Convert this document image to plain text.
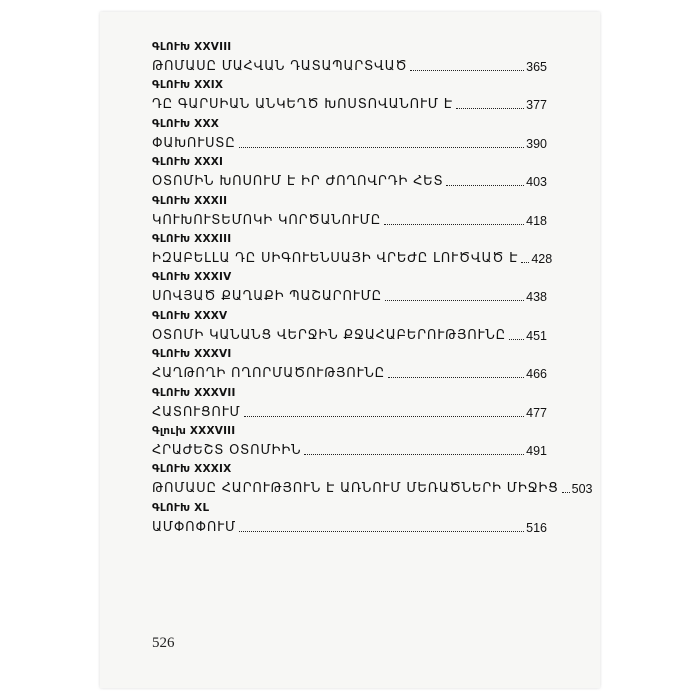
ԳԼՈՒԽ XXVIII
ԹՈՄԱՍԸ ՄԱՀՎԱՆ ԴԱՏԱՊԱՐՏՎԱԾ	365
ԳԼՈՒԽ XXIX
ԴԸ ԳԱՐՍԻԱՆ ԱՆԿԵՂԾ ԽՈՍՏՈՎԱՆՈՒՄ Է	377
ԳԼՈՒԽ XXX
ՓԱԽՈՒՍՏԸ	390
ԳԼՈՒԽ XXXI
ՕՏՈՄԻՆ ԽՈՍՈՒՄ Է ԻՐ ԺՈՂՈՎՐԴԻ ՀԵՏ	403
ԳԼՈՒԽ XXXII
ԿՈՒԽՈՒՏԵՄՈԿԻ ԿՈՐԾԱՆՈՒՄԸ	418
ԳԼՈՒԽ XXXIII
ԻԶԱԲԵԼԼԱ ԴԸ ՍԻԳՈՒԵՆՍԱՅԻ ՎՐԵԺԸ ԼՈՒԾՎԱԾ Է 428
ԳԼՈՒԽ XXXIV
ՍՈՎՅԱԾ ՔԱՂԱՔԻ ՊԱՇԱՐՈՒՄԸ	438
ԳԼՈՒԽ XXXV
ՕՏՈՄԻ ԿԱՆԱՆՑ ՎԵՐՋԻՆ ՔՋԱՀԱԲԵՐՈՒԹՅՈՒՆԸ 451
ԳԼՈՒԽ XXXVI
ՀԱՂԹՈՂԻ ՈՂՈՐՄԱԾՈՒԹՅՈՒՆԸ	466
ԳԼՈՒԽ XXXVII
ՀԱՏՈՒՑՈՒՄ	477
Գլուխ XXXVIII
ՀՐԱԺԵՇՏ ՕՏՈՄԻԻՆ	491
ԳԼՈՒԽ XXXIX
ԹՈՄԱՍԸ ՀԱՐՈՒԹՅՈՒՆ Է ԱՌՆՈՒՄ ՄԵՌԱԾՆԵՐԻ ՄԻՋԻՑ 503
ԳԼՈՒԽ XL
ԱՄՓՈՓՈՒՄ	516
526
